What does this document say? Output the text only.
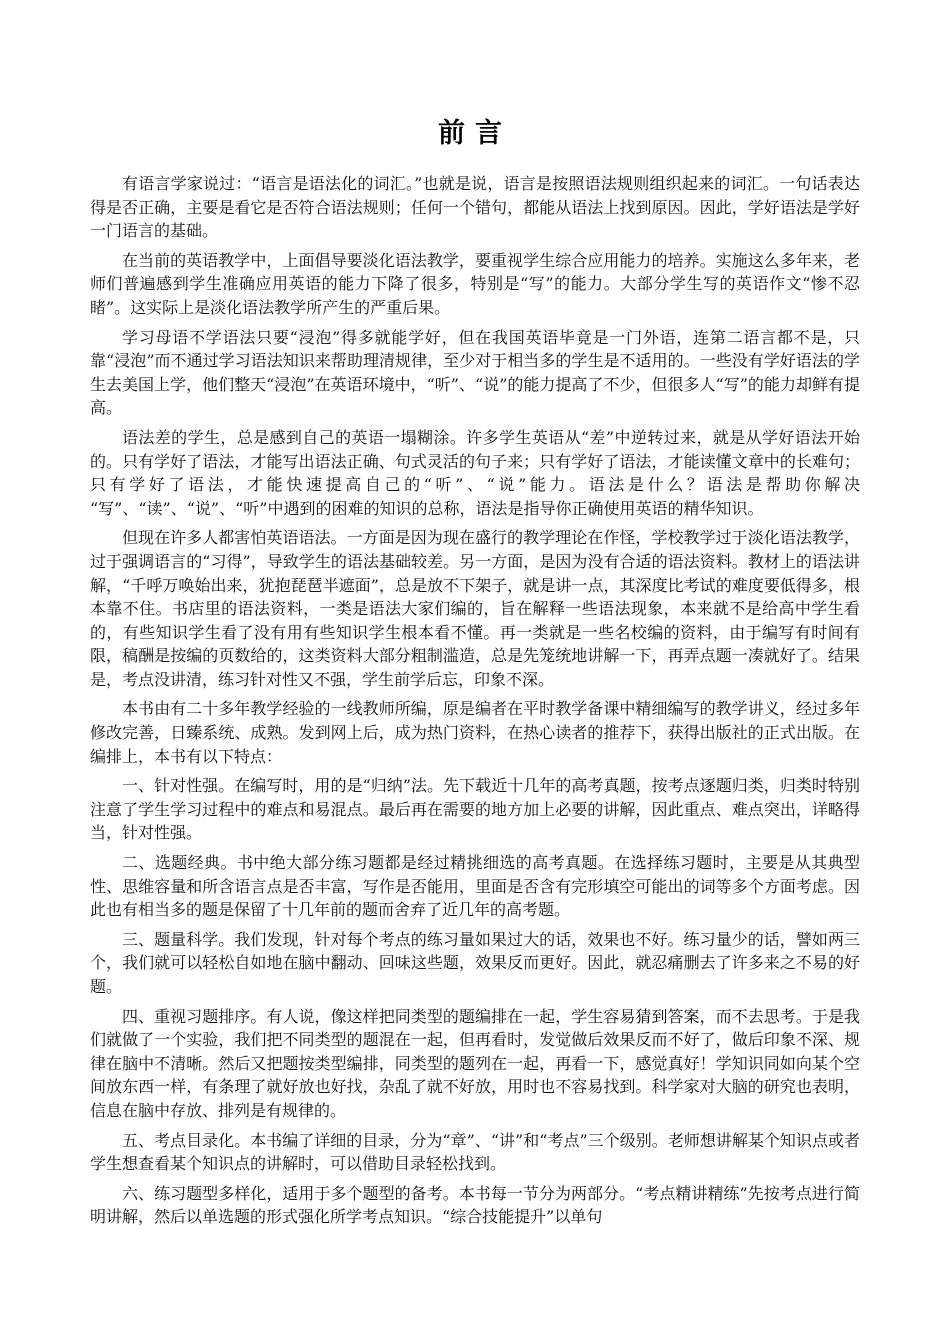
前言

有语言学家说过：“语言是语法化的词汇。”也就是说，语言是按照语法规则组织起来的词汇。一句话表达得是否正确，主要是看它是否符合语法规则；任何一个错句，都能从语法上找到原因。因此，学好语法是学好一门语言的基础。

在当前的英语教学中，上面倡导要淡化语法教学，要重视学生综合应用能力的培养。实施这么多年来，老师们普遍感到学生准确应用英语的能力下降了很多，特别是“写”的能力。大部分学生写的英语作文“惨不忍睹”。这实际上是淡化语法教学所产生的严重后果。

学习母语不学语法只要“浸泡”得多就能学好，但在我国英语毕竟是一门外语，连第二语言都不是，只靠“浸泡”而不通过学习语法知识来帮助理清规律，至少对于相当多的学生是不适用的。一些没有学好语法的学生去美国上学，他们整天“浸泡”在英语环境中，“听”、“说”的能力提高了不少，但很多人“写”的能力却鲜有提高。

语法差的学生，总是感到自己的英语一塌糊涂。许多学生英语从“差”中逆转过来，就是从学好语法开始的。只有学好了语法，才能写出语法正确、句式灵活的句子来；只有学好了语法，才能读懂文章中的长难句；只有学好了语法，才能快速提高自己的“听”、“说”能力。语法是什么？语法是帮助你解决 “写”、“读”、“说”、“听”中遇到的困难的知识的总称，语法是指导你正确使用英语的精华知识。

但现在许多人都害怕英语语法。一方面是因为现在盛行的教学理论在作怪，学校教学过于淡化语法教学，过于强调语言的“习得”，导致学生的语法基础较差。另一方面，是因为没有合适的语法资料。教材上的语法讲解，“千呼万唤始出来，犹抱琵琶半遮面”，总是放不下架子，就是讲一点，其深度比考试的难度要低得多，根本靠不住。书店里的语法资料，一类是语法大家们编的，旨在解释一些语法现象，本来就不是给高中学生看的，有些知识学生看了没有用有些知识学生根本看不懂。再一类就是一些名校编的资料，由于编写有时间有限，稿酬是按编的页数给的，这类资料大部分粗制滥造，总是先笼统地讲解一下，再弄点题一凑就好了。结果是，考点没讲清，练习针对性又不强，学生前学后忘，印象不深。

本书由有二十多年教学经验的一线教师所编，原是编者在平时教学备课中精细编写的教学讲义，经过多年修改完善，日臻系统、成熟。发到网上后，成为热门资料，在热心读者的推荐下，获得出版社的正式出版。在编排上，本书有以下特点：

一、针对性强。在编写时，用的是“归纳”法。先下载近十几年的高考真题，按考点逐题归类，归类时特别注意了学生学习过程中的难点和易混点。最后再在需要的地方加上必要的讲解，因此重点、难点突出，详略得当，针对性强。

二、选题经典。书中绝大部分练习题都是经过精挑细选的高考真题。在选择练习题时，主要是从其典型性、思维容量和所含语言点是否丰富，写作是否能用，里面是否含有完形填空可能出的词等多个方面考虑。因此也有相当多的题是保留了十几年前的题而舍弃了近几年的高考题。

三、题量科学。我们发现，针对每个考点的练习量如果过大的话，效果也不好。练习量少的话，譬如两三个，我们就可以轻松自如地在脑中翻动、回味这些题，效果反而更好。因此，就忍痛删去了许多来之不易的好题。

四、重视习题排序。有人说，像这样把同类型的题编排在一起，学生容易猜到答案，而不去思考。于是我们就做了一个实验，我们把不同类型的题混在一起，但再看时，发觉做后效果反而不好了，做后印象不深、规律在脑中不清晰。然后又把题按类型编排，同类型的题列在一起，再看一下，感觉真好！学知识同如向某个空间放东西一样，有条理了就好放也好找，杂乱了就不好放，用时也不容易找到。科学家对大脑的研究也表明，信息在脑中存放、排列是有规律的。

五、考点目录化。本书编了详细的目录，分为“章”、“讲”和“考点”三个级别。老师想讲解某个知识点或者学生想查看某个知识点的讲解时，可以借助目录轻松找到。

六、练习题型多样化，适用于多个题型的备考。本书每一节分为两部分。“考点精讲精练”先按考点进行简明讲解，然后以单选题的形式强化所学考点知识。“综合技能提升”以单句
